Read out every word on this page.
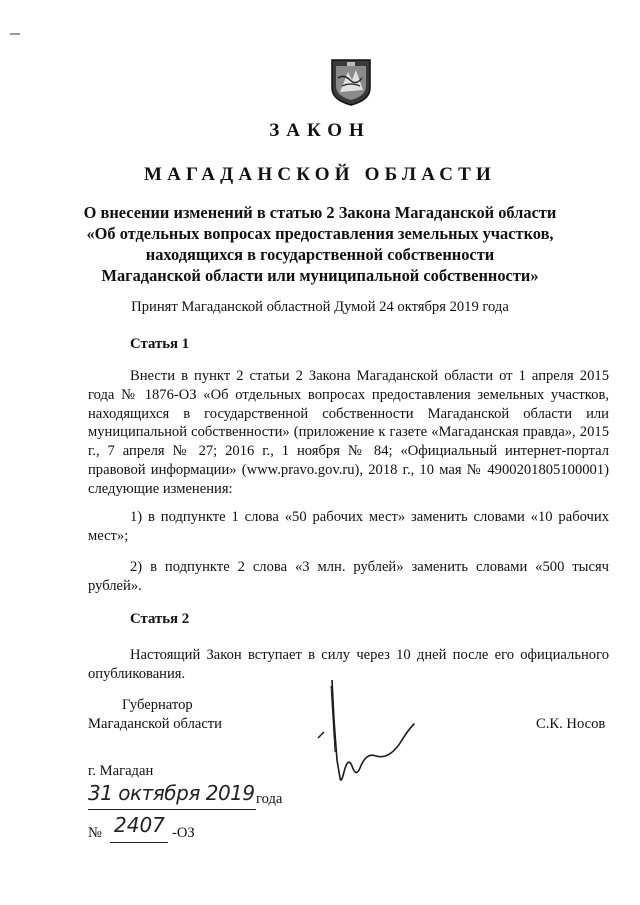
ЗАКОН
МАГАДАНСКОЙ ОБЛАСТИ
О внесении изменений в статью 2 Закона Магаданской области
«Об отдельных вопросах предоставления земельных участков,
находящихся в государственной собственности
Магаданской области или муниципальной собственности»
Принят Магаданской областной Думой 24 октября 2019 года
Статья 1
Внести в пункт 2 статьи 2 Закона Магаданской области от 1 апреля 2015 года № 1876-ОЗ «Об отдельных вопросах предоставления земельных участков, находящихся в государственной собственности Магаданской области или муниципальной собственности» (приложение к газете «Магаданская правда», 2015 г., 7 апреля № 27; 2016 г., 1 ноября № 84; «Официальный интернет-портал правовой информации» (www.pravo.gov.ru), 2018 г., 10 мая № 4900201805100001) следующие изменения:
1) в подпункте 1 слова «50 рабочих мест» заменить словами «10 рабочих мест»;
2) в подпункте 2 слова «3 млн. рублей» заменить словами «500 тысяч рублей».
Статья 2
Настоящий Закон вступает в силу через 10 дней после его официального опубликования.
Губернатор
Магаданской области	С.К. Носов
г. Магадан
31 октября 2019 года
№ 2407 -ОЗ
